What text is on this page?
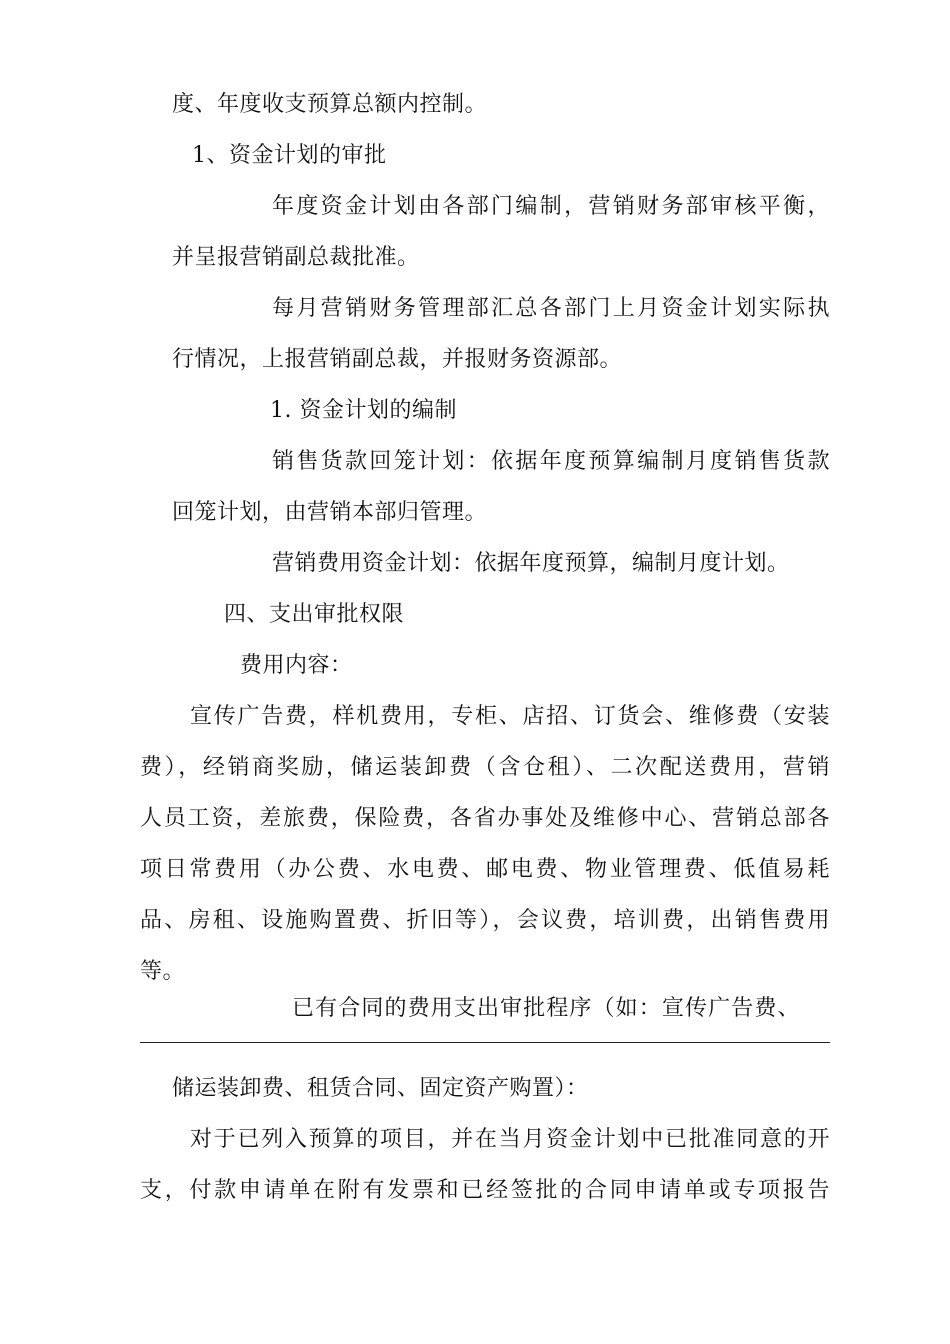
度、年度收支预算总额内控制。
1、资金计划的审批
年度资金计划由各部门编制，营销财务部审核平衡，
并呈报营销副总裁批准。
每月营销财务管理部汇总各部门上月资金计划实际执
行情况，上报营销副总裁，并报财务资源部。
1. 资金计划的编制
销售货款回笼计划：依据年度预算编制月度销售货款
回笼计划，由营销本部归管理。
营销费用资金计划：依据年度预算，编制月度计划。
四、支出审批权限
费用内容：
宣传广告费，样机费用，专柜、店招、订货会、维修费（安装
费），经销商奖励，储运装卸费（含仓租）、二次配送费用，营销
人员工资，差旅费，保险费，各省办事处及维修中心、营销总部各
项日常费用（办公费、水电费、邮电费、物业管理费、低值易耗
品、房租、设施购置费、折旧等），会议费，培训费，出销售费用
等。
已有合同的费用支出审批程序（如：宣传广告费、
储运装卸费、租赁合同、固定资产购置）：
对于已列入预算的项目，并在当月资金计划中已批准同意的开
支，付款申请单在附有发票和已经签批的合同申请单或专项报告
